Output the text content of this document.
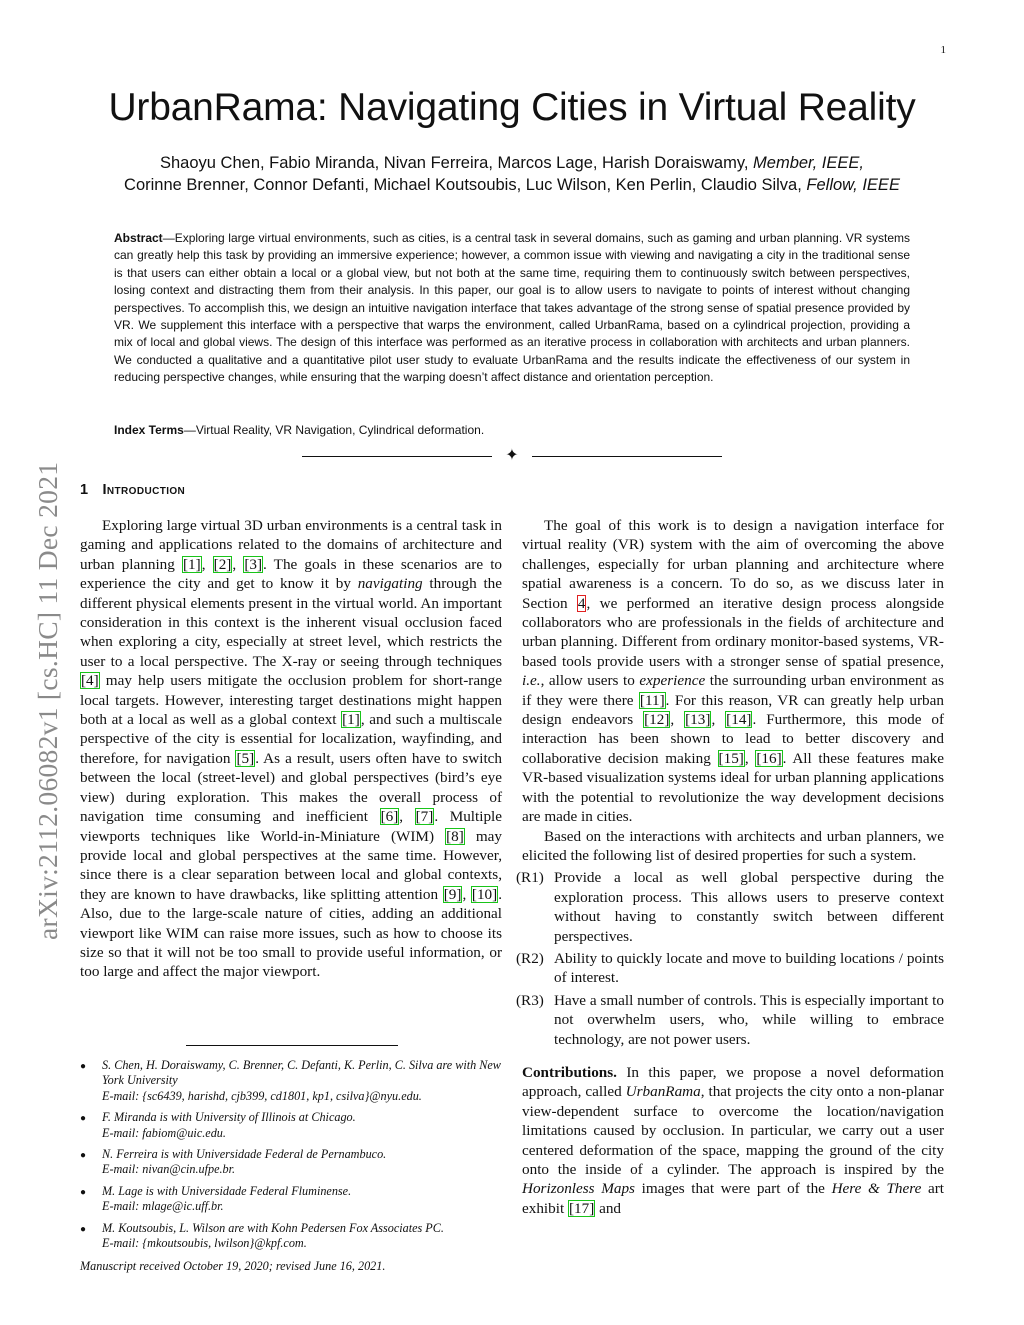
1
UrbanRama: Navigating Cities in Virtual Reality
Shaoyu Chen, Fabio Miranda, Nivan Ferreira, Marcos Lage, Harish Doraiswamy, Member, IEEE,
Corinne Brenner, Connor Defanti, Michael Koutsoubis, Luc Wilson, Ken Perlin, Claudio Silva, Fellow, IEEE
Abstract—Exploring large virtual environments, such as cities, is a central task in several domains, such as gaming and urban planning. VR systems can greatly help this task by providing an immersive experience; however, a common issue with viewing and navigating a city in the traditional sense is that users can either obtain a local or a global view, but not both at the same time, requiring them to continuously switch between perspectives, losing context and distracting them from their analysis. In this paper, our goal is to allow users to navigate to points of interest without changing perspectives. To accomplish this, we design an intuitive navigation interface that takes advantage of the strong sense of spatial presence provided by VR. We supplement this interface with a perspective that warps the environment, called UrbanRama, based on a cylindrical projection, providing a mix of local and global views. The design of this interface was performed as an iterative process in collaboration with architects and urban planners. We conducted a qualitative and a quantitative pilot user study to evaluate UrbanRama and the results indicate the effectiveness of our system in reducing perspective changes, while ensuring that the warping doesn’t affect distance and orientation perception.
Index Terms—Virtual Reality, VR Navigation, Cylindrical deformation.
✦
arXiv:2112.06082v1 [cs.HC] 11 Dec 2021 1 Introduction

Exploring large virtual 3D urban environments is a central task in gaming and applications related to the domains of architecture and urban planning [1], [2], [3]. The goals in these scenarios are to experience the city and get to know it by navigating through the different physical elements present in the virtual world. An important consideration in this context is the inherent visual occlusion faced when exploring a city, especially at street level, which restricts the user to a local perspective. The X-ray or seeing through techniques [4] may help users mitigate the occlusion problem for short-range local targets. However, interesting target destinations might happen both at a local as well as a global context [1], and such a multiscale perspective of the city is essential for localization, wayfinding, and therefore, for navigation [5]. As a result, users often have to switch between the local (street-level) and global perspectives (bird’s eye view) during exploration. This makes the overall process of navigation time consuming and inefficient [6], [7]. Multiple viewports techniques like World-in-Miniature (WIM) [8] may provide local and global perspectives at the same time. However, since there is a clear separation between local and global contexts, they are known to have drawbacks, like splitting attention [9], [10]. Also, due to the large-scale nature of cities, adding an additional viewport like WIM can raise more issues, such as how to choose its size so that it will not be too small to provide useful information, or too large and affect the major viewport.

●	S. Chen, H. Doraiswamy, C. Brenner, C. Defanti, K. Perlin, C. Silva are with New York University
E-mail: {sc6439, harishd, cjb399, cd1801, kp1, csilva}@nyu.edu.
●	F. Miranda is with University of Illinois at Chicago.
E-mail: fabiom@uic.edu.
●	N. Ferreira is with Universidade Federal de Pernambuco.
E-mail: nivan@cin.ufpe.br.
●	M. Lage is with Universidade Federal Fluminense.
E-mail: mlage@ic.uff.br.
●	M. Koutsoubis, L. Wilson are with Kohn Pedersen Fox Associates PC.
E-mail: {mkoutsoubis, lwilson}@kpf.com.
Manuscript received October 19, 2020; revised June 16, 2021.

The goal of this work is to design a navigation interface for virtual reality (VR) system with the aim of overcoming the above challenges, especially for urban planning and architecture where spatial awareness is a concern. To do so, as we discuss later in Section 4, we performed an iterative design process alongside collaborators who are professionals in the fields of architecture and urban planning. Different from ordinary monitor-based systems, VR-based tools provide users with a stronger sense of spatial presence, i.e., allow users to experience the surrounding urban environment as if they were there [11]. For this reason, VR can greatly help urban design endeavors [12], [13], [14]. Furthermore, this mode of interaction has been shown to lead to better discovery and collaborative decision making [15], [16]. All these features make VR-based visualization systems ideal for urban planning applications with the potential to revolutionize the way development decisions are made in cities.

Based on the interactions with architects and urban planners, we elicited the following list of desired properties for such a system.

(R1) Provide a local as well global perspective during the exploration process. This allows users to preserve context without having to constantly switch between different perspectives.
(R2) Ability to quickly locate and move to building locations / points of interest.
(R3) Have a small number of controls. This is especially important to not overwhelm users, who, while willing to embrace technology, are not power users.

Contributions. In this paper, we propose a novel deformation approach, called UrbanRama, that projects the city onto a non-planar view-dependent surface to overcome the location/navigation limitations caused by occlusion. In particular, we carry out a user centered deformation of the space, mapping the ground of the city onto the inside of a cylinder. The approach is inspired by the Horizonless Maps images that were part of the Here & There art exhibit [17] and
